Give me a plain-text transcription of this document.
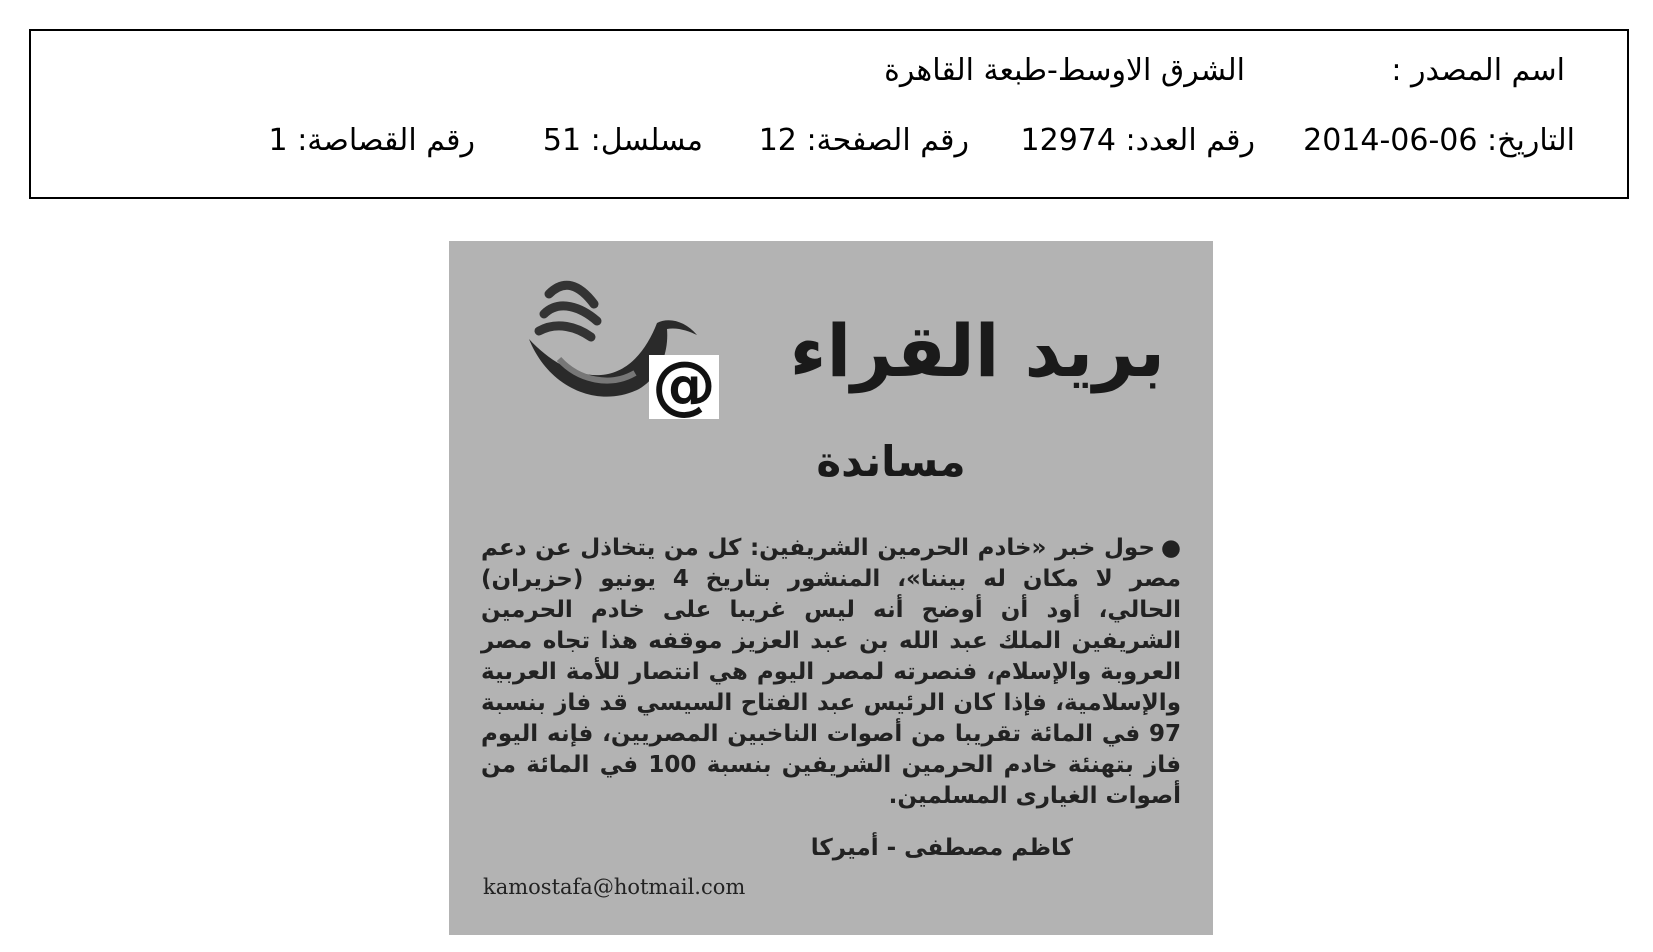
اسم المصدر :
الشرق الاوسط-طبعة القاهرة
التاريخ: 2014-06-06
رقم العدد: 12974
رقم الصفحة: 12
مسلسل: 51
رقم القصاصة: 1
بريد القراء
@
مساندة
●حول خبر «خادم الحرمين الشريفين: كل من يتخاذل عن دعم مصر لا مكان له بيننا»، المنشور بتاريخ 4 يونيو (حزيران) الحالي، أود أن أوضح أنه ليس غريبا على خادم الحرمين الشريفين الملك عبد الله بن عبد العزيز موقفه هذا تجاه مصر العروبة والإسلام، فنصرته لمصر اليوم هي انتصار للأمة العربية والإسلامية، فإذا كان الرئيس عبد الفتاح السيسي قد فاز بنسبة 97 في المائة تقريبا من أصوات الناخبين المصريين، فإنه اليوم فاز بتهنئة خادم الحرمين الشريفين بنسبة 100 في المائة من أصوات الغيارى المسلمين.
كاظم مصطفى - أميركا
kamostafa@hotmail.com
